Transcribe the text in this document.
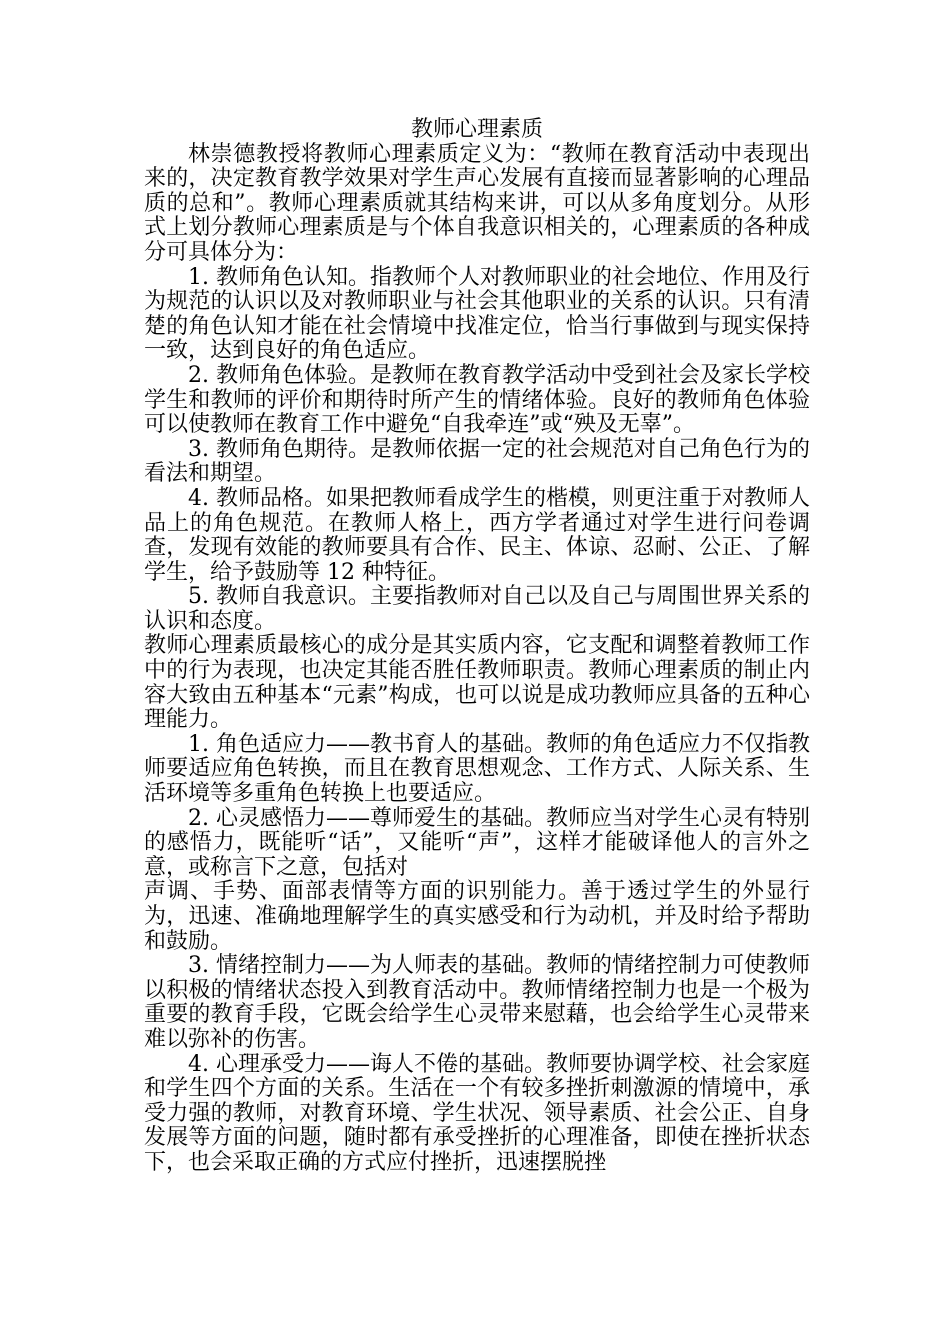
教师心理素质

林崇德教授将教师心理素质定义为：“教师在教育活动中表现出来的，决定教育教学效果对学生声心发展有直接而显著影响的心理品质的总和”。教师心理素质就其结构来讲，可以从多角度划分。从形式上划分教师心理素质是与个体自我意识相关的，心理素质的各种成分可具体分为：

1. 教师角色认知。指教师个人对教师职业的社会地位、作用及行为规范的认识以及对教师职业与社会其他职业的关系的认识。只有清楚的角色认知才能在社会情境中找准定位，恰当行事做到与现实保持一致，达到良好的角色适应。

2. 教师角色体验。是教师在教育教学活动中受到社会及家长学校学生和教师的评价和期待时所产生的情绪体验。良好的教师角色体验可以使教师在教育工作中避免“自我牵连”或“殃及无辜”。

3. 教师角色期待。是教师依据一定的社会规范对自己角色行为的看法和期望。

4. 教师品格。如果把教师看成学生的楷模，则更注重于对教师人品上的角色规范。在教师人格上，西方学者通过对学生进行问卷调查，发现有效能的教师要具有合作、民主、体谅、忍耐、公正、了解学生，给予鼓励等 12 种特征。

5. 教师自我意识。主要指教师对自己以及自己与周围世界关系的认识和态度。

教师心理素质最核心的成分是其实质内容，它支配和调整着教师工作中的行为表现，也决定其能否胜任教师职责。教师心理素质的制止内容大致由五种基本“元素”构成，也可以说是成功教师应具备的五种心理能力。

1. 角色适应力——教书育人的基础。教师的角色适应力不仅指教师要适应角色转换，而且在教育思想观念、工作方式、人际关系、生活环境等多重角色转换上也要适应。

2. 心灵感悟力——尊师爱生的基础。教师应当对学生心灵有特别的感悟力，既能听“话”，又能听“声”，这样才能破译他人的言外之意，或称言下之意，包括对

声调、手势、面部表情等方面的识别能力。善于透过学生的外显行为，迅速、准确地理解学生的真实感受和行为动机，并及时给予帮助和鼓励。

3. 情绪控制力——为人师表的基础。教师的情绪控制力可使教师以积极的情绪状态投入到教育活动中。教师情绪控制力也是一个极为重要的教育手段，它既会给学生心灵带来慰藉，也会给学生心灵带来难以弥补的伤害。

4. 心理承受力——诲人不倦的基础。教师要协调学校、社会家庭和学生四个方面的关系。生活在一个有较多挫折刺激源的情境中，承受力强的教师，对教育环境、学生状况、领导素质、社会公正、自身发展等方面的问题，随时都有承受挫折的心理准备，即使在挫折状态下，也会采取正确的方式应付挫折，迅速摆脱挫
